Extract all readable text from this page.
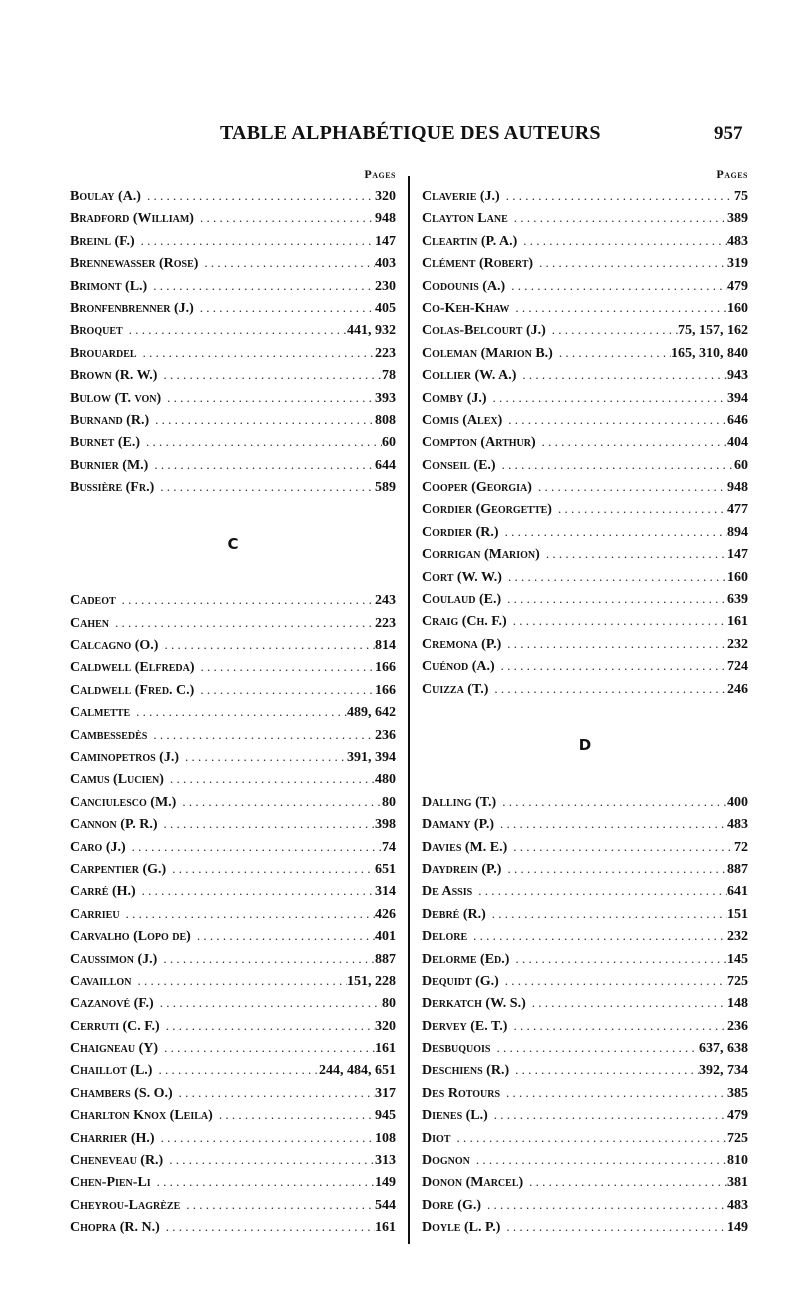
TABLE ALPHABÉTIQUE DES AUTEURS	957
Pages
Boulay (A.) . . .	320
Bradford (William) . . .	948
Breinl (F.) . . .	147
Brennewasser (Rose) . . .	403
Brimont (L.) . . .	230
Bronfenbrenner (J.) . . .	405
Broquet . . .	441, 932
Brouardel . . .	223
Brown (R. W.) . . .	78
Bulow (T. von) . . .	393
Burnand (R.) . . .	808
Burnet (E.) . . .	60
Burnier (M.) . . .	644
Bussière (Fr.) . . .	589
C
Cadeot . . .	243
Cahen . . .	223
Calcagno (O.) . . .	814
Caldwell (Elfreda) . . .	166
Caldwell (Fred. C.) . . .	166
Calmette . . .	489, 642
Cambessedès . . .	236
Caminopetros (J.) . . .	391, 394
Camus (Lucien) . . .	480
Canciulesco (M.) . . .	80
Cannon (P. R.) . . .	398
Caro (J.) . . .	74
Carpentier (G.) . . .	651
Carré (H.) . . .	314
Carrieu . . .	426
Carvalho (Lopo de) . . .	401
Caussimon (J.) . . .	887
Cavaillon . . .	151, 228
Cazanové (F.) . . .	80
Cerruti (C. F.) . . .	320
Chaigneau (Y) . . .	161
Chaillot (L.) . . .	244, 484, 651
Chambers (S. O.) . . .	317
Charlton Knox (Leila) . . .	945
Charrier (H.) . . .	108
Cheneveau (R.) . . .	313
Chen-Pien-Li . . .	149
Cheyrou-Lagrèze . . .	544
Chopra (R. N.) . . .	161
Pages
Claverie (J.) . . .	75
Clayton Lane . . .	389
Cleartin (P. A.) . . .	483
Clément (Robert) . . .	319
Codounis (A.) . . .	479
Co-Keh-Khaw . . .	160
Colas-Belcourt (J.) . . .	75, 157, 162
Coleman (Marion B.) . . .	165, 310, 840
Collier (W. A.) . . .	943
Comby (J.) . . .	394
Comis (Alex) . . .	646
Compton (Arthur) . . .	404
Conseil (E.) . . .	60
Cooper (Georgia) . . .	948
Cordier (Georgette) . . .	477
Cordier (R.) . . .	894
Corrigan (Marion) . . .	147
Cort (W. W.) . . .	160
Coulaud (E.) . . .	639
Craig (Ch. F.) . . .	161
Cremona (P.) . . .	232
Cuénod (A.) . . .	724
Cuizza (T.) . . .	246
D
Dalling (T.) . . .	400
Damany (P.) . . .	483
Davies (M. E.) . . .	72
Daydrein (P.) . . .	887
De Assis . . .	641
Debré (R.) . . .	151
Delore . . .	232
Delorme (Ed.) . . .	145
Dequidt (G.) . . .	725
Derkatch (W. S.) . . .	148
Dervey (E. T.) . . .	236
Desbuquois . . .	637, 638
Deschiens (R.) . . .	392, 734
Des Rotours . . .	385
Dienes (L.) . . .	479
Diot . . .	725
Dognon . . .	810
Donon (Marcel) . . .	381
Dore (G.) . . .	483
Doyle (L. P.) . . .	149
